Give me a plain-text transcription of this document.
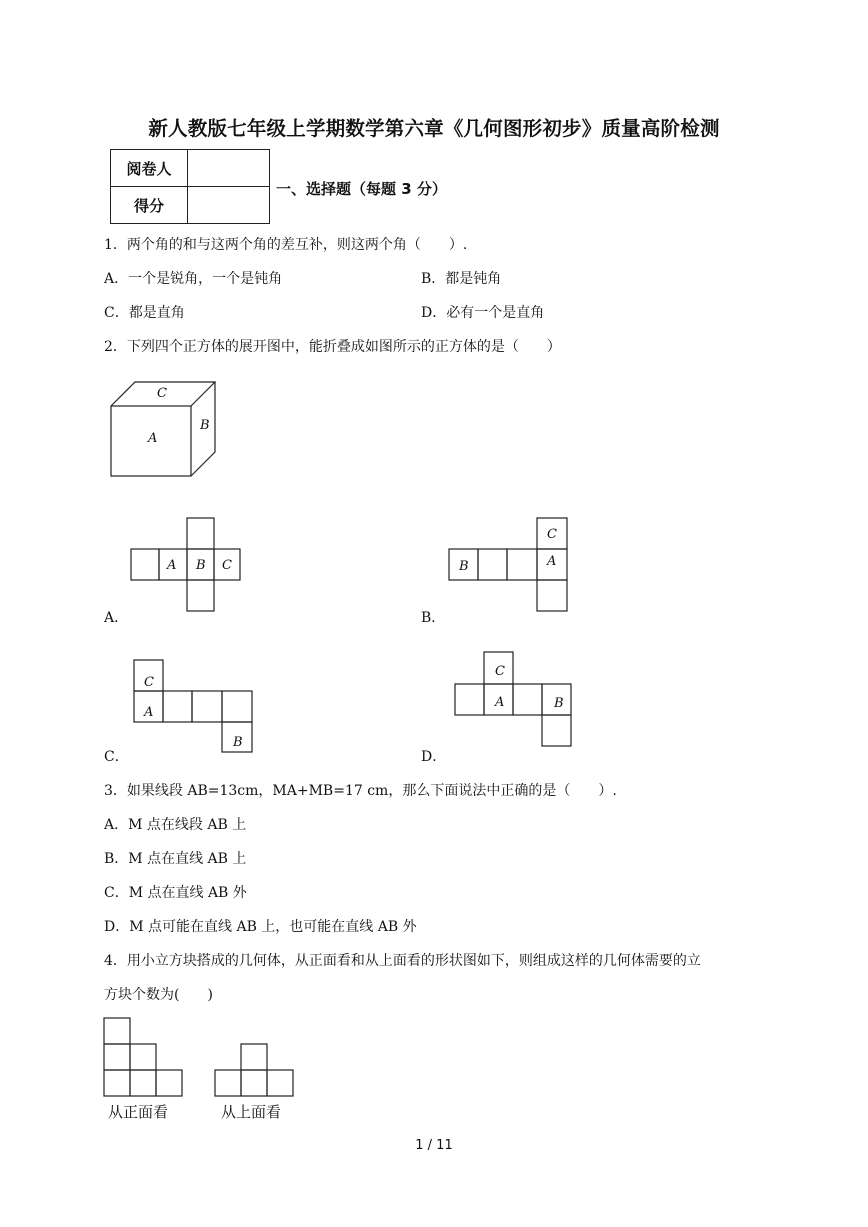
新人教版七年级上学期数学第六章《几何图形初步》质量高阶检测
阅卷人	
得分	
一、选择题（每题 3 分）
1．两个角的和与这两个角的差互补，则这两个角（　　）.
A．一个是锐角，一个是钝角	B．都是钝角
C．都是直角	D．必有一个是直角
2．下列四个正方体的展开图中，能折叠成如图所示的正方体的是（　　）
C
A
B
A B C
A．
C
A
B
B．
C
A
B
C．
C
A	B
D．
3．如果线段 AB=13cm，MA+MB=17 cm，那么下面说法中正确的是（　　）.
A．M 点在线段 AB 上
B．M 点在直线 AB 上
C．M 点在直线 AB 外
D．M 点可能在直线 AB 上，也可能在直线 AB 外
4．用小立方块搭成的几何体，从正面看和从上面看的形状图如下，则组成这样的几何体需要的立
方块个数为(　　)
从正面看	从上面看
1 / 11
